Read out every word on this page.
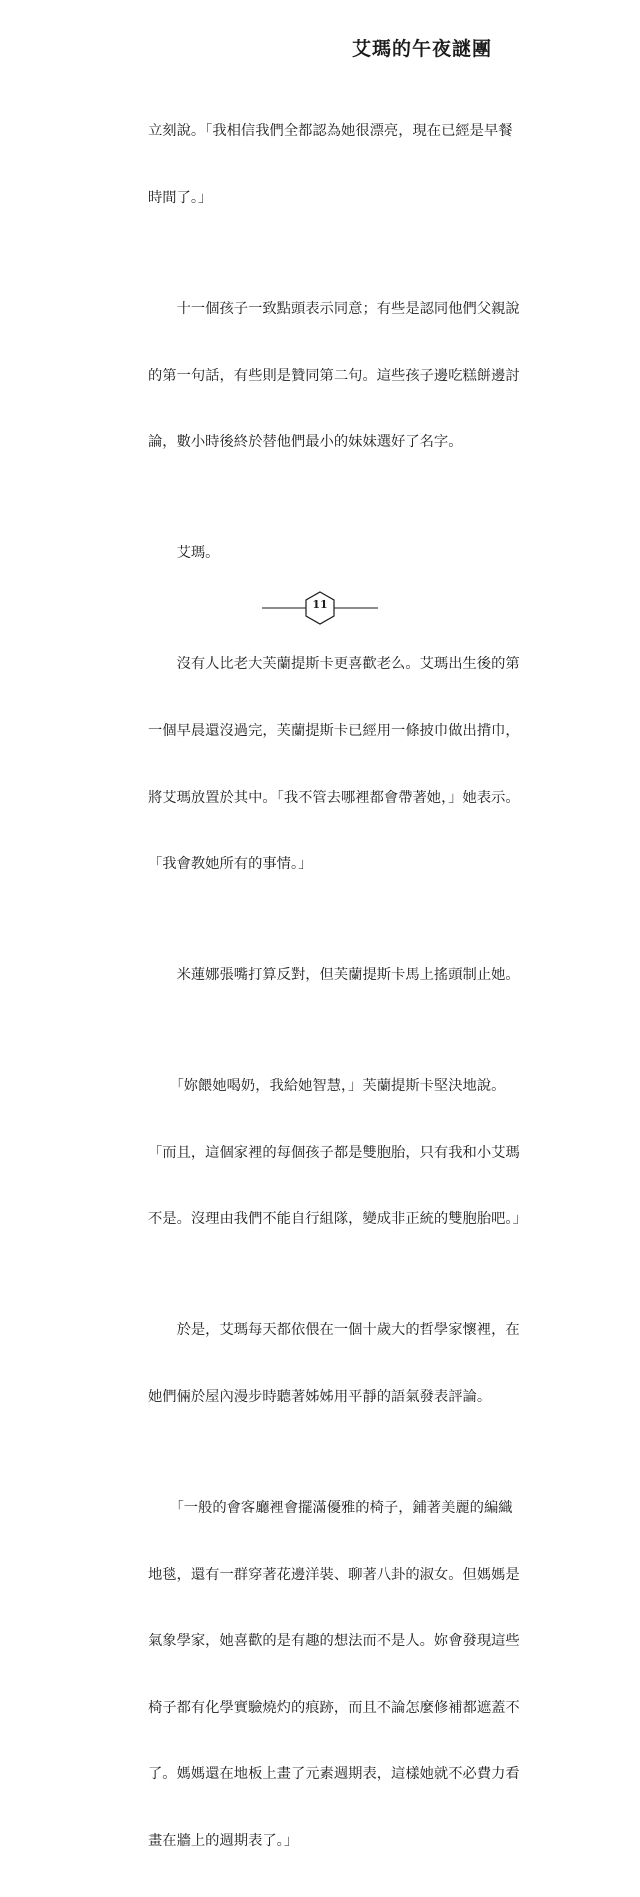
艾瑪的午夜謎團

立刻說。「我相信我們全都認為她很漂亮，現在已經是早餐

時間了。」

　　十一個孩子一致點頭表示同意；有些是認同他們父親說

的第一句話，有些則是贊同第二句。這些孩子邊吃糕餅邊討

論，數小時後終於替他們最小的妹妹選好了名字。

　　艾瑪。

　　沒有人比老大芙蘭提斯卡更喜歡老么。艾瑪出生後的第

一個早晨還沒過完，芙蘭提斯卡已經用一條披巾做出揹巾，

將艾瑪放置於其中。「我不管去哪裡都會帶著她，」她表示。

「我會教她所有的事情。」

　　米蓮娜張嘴打算反對，但芙蘭提斯卡馬上搖頭制止她。

　　「妳餵她喝奶，我給她智慧，」芙蘭提斯卡堅決地說。

「而且，這個家裡的每個孩子都是雙胞胎，只有我和小艾瑪

不是。沒理由我們不能自行組隊，變成非正統的雙胞胎吧。」

　　於是，艾瑪每天都依偎在一個十歲大的哲學家懷裡，在

她們倆於屋內漫步時聽著姊姊用平靜的語氣發表評論。

　　「一般的會客廳裡會擺滿優雅的椅子，鋪著美麗的編織

地毯，還有一群穿著花邊洋裝、聊著八卦的淑女。但媽媽是

氣象學家，她喜歡的是有趣的想法而不是人。妳會發現這些

椅子都有化學實驗燒灼的痕跡，而且不論怎麼修補都遮蓋不

了。媽媽還在地板上畫了元素週期表，這樣她就不必費力看

畫在牆上的週期表了。」

11
